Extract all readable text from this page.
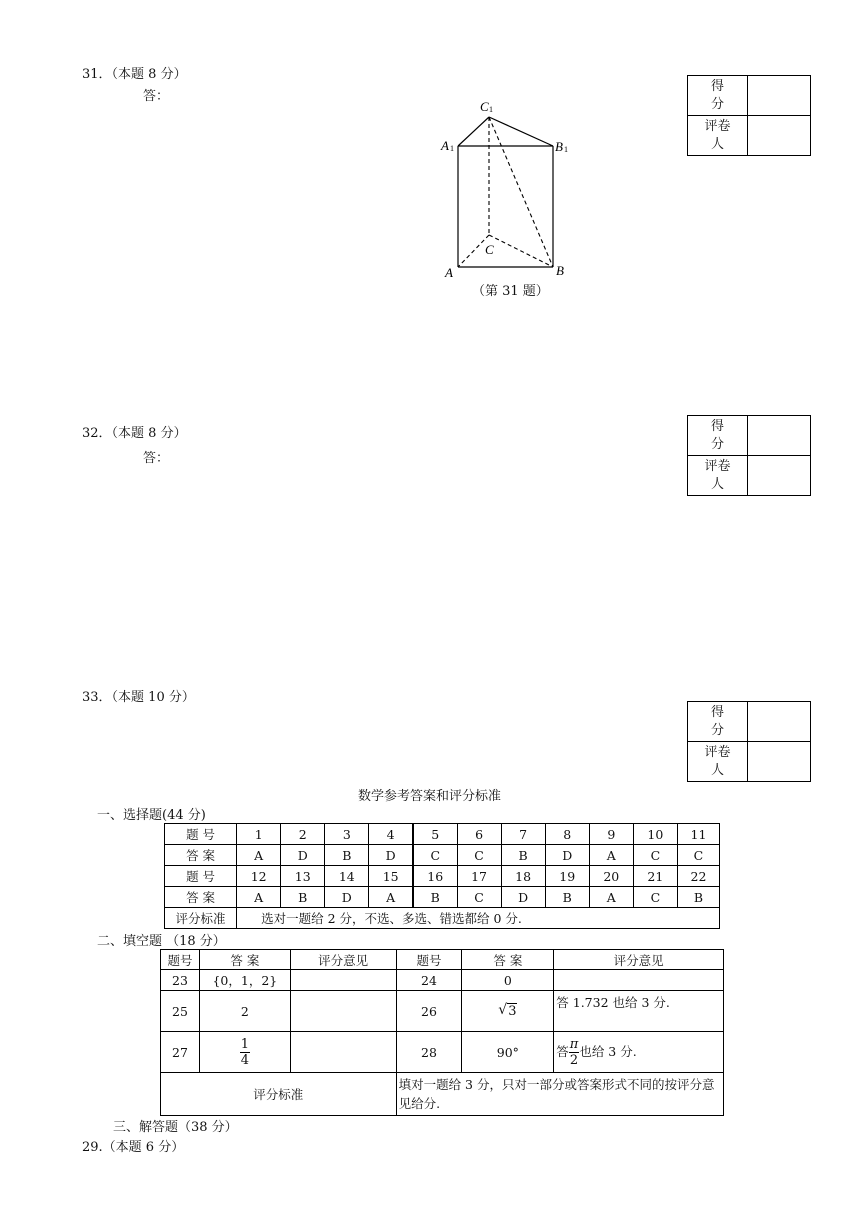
31．（本题 8 分）
答：
C 1
A 1	B 1
C
A	B
（第 31 题）
得
分	
评卷
人	
32．（本题 8 分）
答：
得
分	
评卷
人	
33．（本题 10 分）
得
分	
评卷
人	
数学参考答案和评分标准
一、选择题(44 分)
题 号	1	2	3	4	5	6	7	8	9	10	11
答 案	A	D	B	D	C	C	B	D	A	C	C
题 号	12	13	14	15	16	17	18	19	20	21	22
答 案	A	B	D	A	B	C	D	B	A	C	B
评分标准	选对一题给 2 分，不选、多选、错选都给 0 分.										
二、填空题 （18 分）
题号	答 案	评分意见	题号	答 案	评分意见
23	{0，1，2}		24	0	
25	2		26	√ 3	答 1.732 也给 3 分.
27	$\frac{1}{4}$		28	90°	答 $\frac{\pi}{2}$ 也给 3 分.
评分标准			填对一题给 3 分，只对一部分或答案形式不同的按评分意见给分.		
三、解答题（38 分）
29.（本题 6 分）
